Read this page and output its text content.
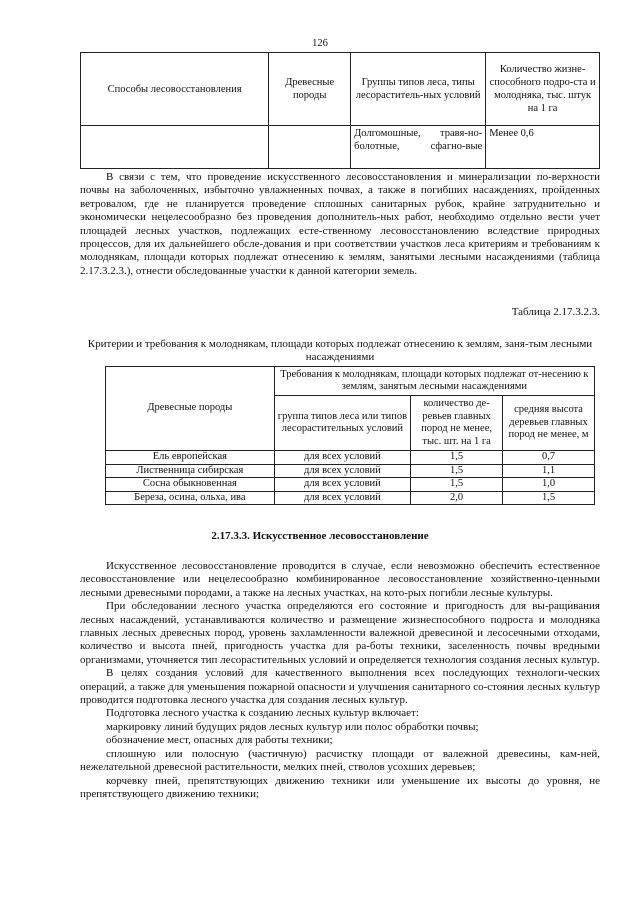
126
Способы лесовосстановления	Древесные породы	Группы типов леса, типы лесораститель-ных условий	Количество жизне-способного подро-ста и молодняка, тыс. штук на 1 га
		Долгомошные, травя-но-болотные, сфагно-вые	Менее 0,6

В связи с тем, что проведение искусственного лесовосстановления и минерализации по-верхности почвы на заболоченных, избыточно увлажненных почвах, а также в погибших насаждениях, пройденных ветровалом, где не планируется проведение сплошных санитарных рубок, крайне затруднительно и экономически нецелесообразно без проведения дополнитель-ных работ, необходимо отдельно вести учет площадей лесных участков, подлежащих есте-ственному лесовосстановлению вследствие природных процессов, для их дальнейшего обсле-дования и при соответствии участков леса критериям и требованиям к молоднякам, площади которых подлежат отнесению к землям, занятыми лесными насаждениями (таблица 2.17.3.2.3.), отнести обследованные участки к данной категории земель.

Таблица 2.17.3.2.3.
Критерии и требования к молоднякам, площади которых подлежат отнесению к землям, заня-тым лесными насаждениями
Древесные породы	Требования к молоднякам, площади которых подлежат от-несению к землям, занятым лесными насаждениями		
	группа типов леса или типов лесорастительных условий	количество де-ревьев главных пород не менее, тыс. шт. на 1 га	средняя высота деревьев главных пород не менее, м
Ель европейская	для всех условий	1,5	0,7
Лиственница сибирская	для всех условий	1,5	1,1
Сосна обыкновенная	для всех условий	1,5	1,0
Береза, осина, ольха, ива	для всех условий	2,0	1,5
2.17.3.3. Искусственное лесовосстановление

Искусственное лесовосстановление проводится в случае, если невозможно обеспечить естественное лесовосстановление или нецелесообразно комбинированное лесовосстановление хозяйственно-ценными лесными древесными породами, а также на лесных участках, на кото-рых погибли лесные культуры.

При обследовании лесного участка определяются его состояние и пригодность для вы-ращивания лесных насаждений, устанавливаются количество и размещение жизнеспособного подроста и молодняка главных лесных древесных пород, уровень захламленности валежной древесиной и лесосечными отходами, количество и высота пней, пригодность участка для ра-боты техники, заселенность почвы вредными организмами, уточняется тип лесорастительных условий и определяется технология создания лесных культур.

В целях создания условий для качественного выполнения всех последующих технологи-ческих операций, а также для уменьшения пожарной опасности и улучшения санитарного со-стояния лесных культур проводится подготовка лесного участка для создания лесных культур.

Подготовка лесного участка к созданию лесных культур включает:

маркировку линий будущих рядов лесных культур или полос обработки почвы;

обозначение мест, опасных для работы техники;

сплошную или полосную (частичную) расчистку площади от валежной древесины, кам-ней, нежелательной древесной растительности, мелких пней, стволов усохших деревьев;

корчевку пней, препятствующих движению техники или уменьшение их высоты до уровня, не препятствующего движению техники;
